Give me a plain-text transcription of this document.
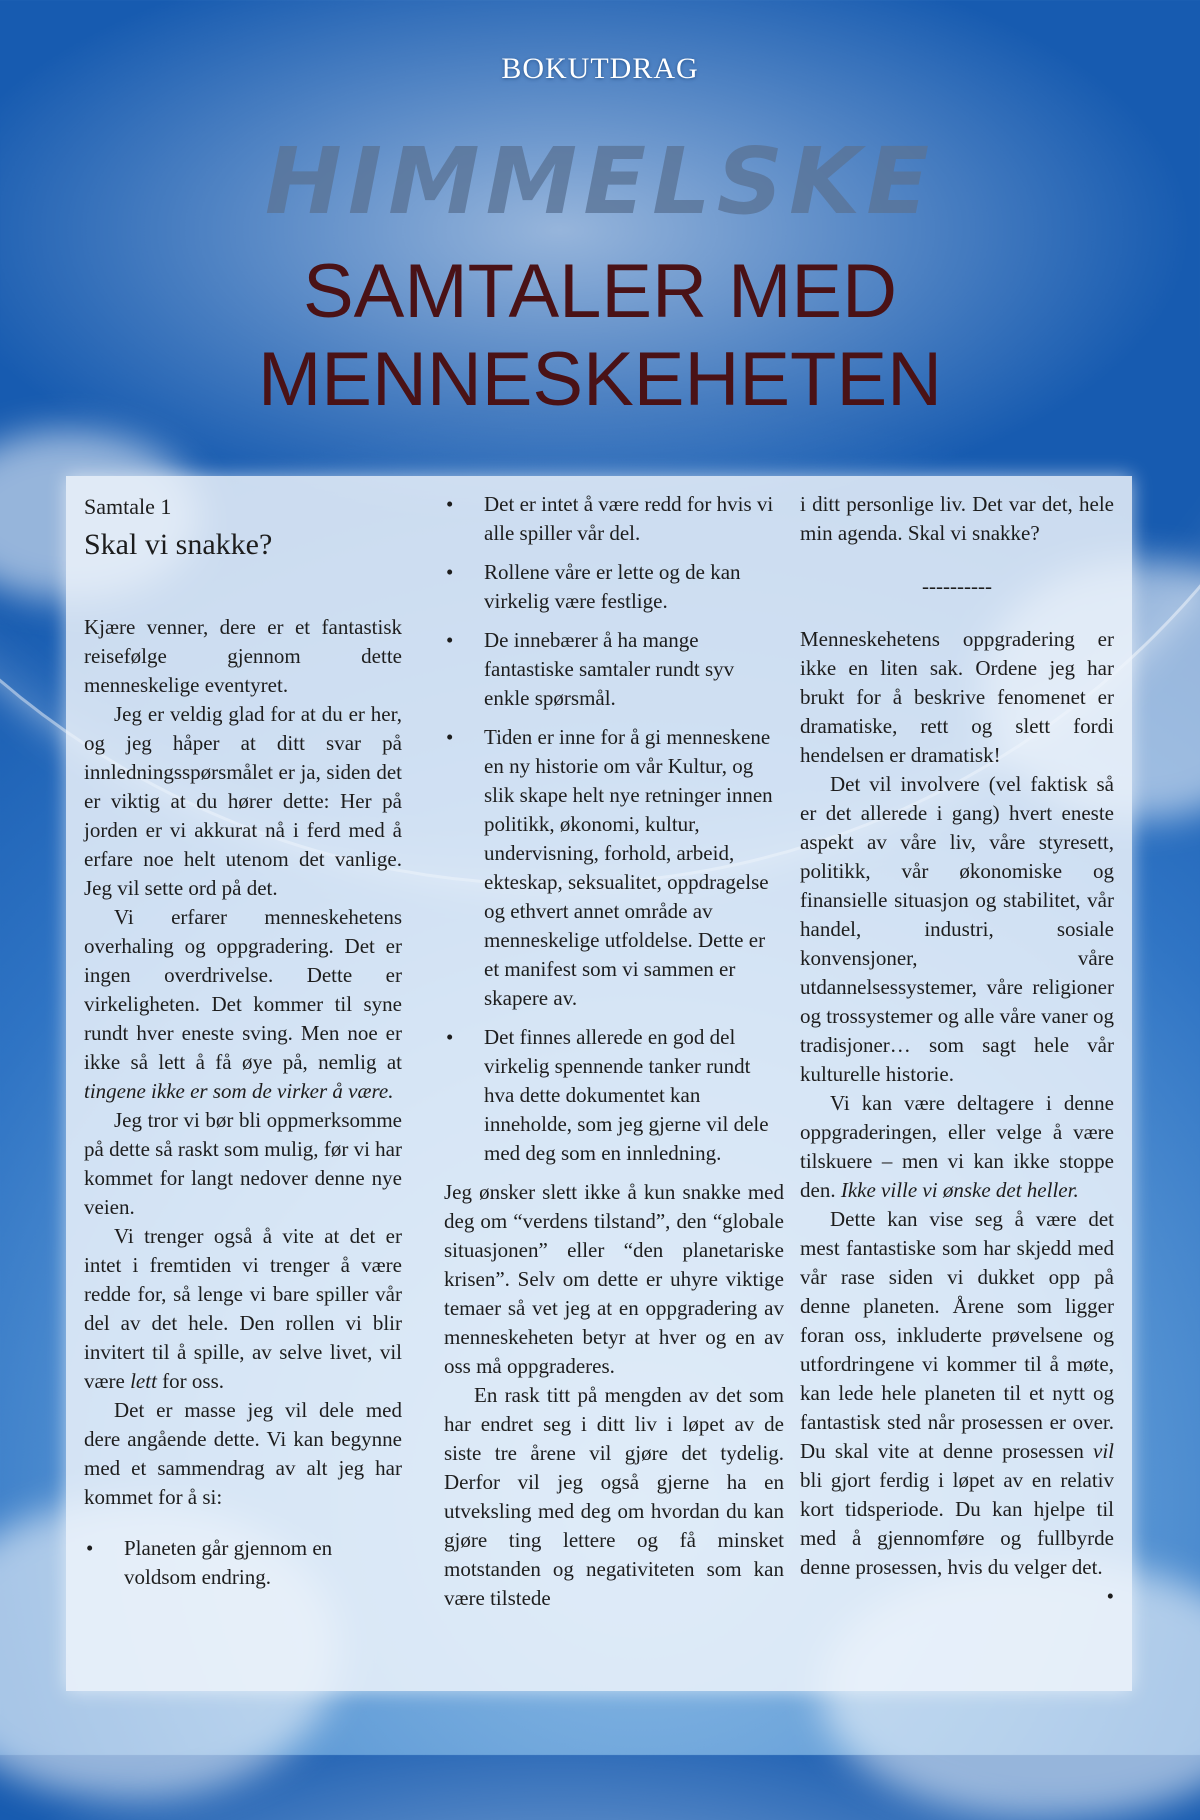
BOKUTDRAG
HIMMELSKE
SAMTALER MED
MENNESKEHETEN
Samtale 1
Skal vi snakke?

Kjære venner, dere er et fantastisk reisefølge gjennom dette menneskelige eventyret.

Jeg er veldig glad for at du er her, og jeg håper at ditt svar på innledningsspørsmålet er ja, siden det er viktig at du hører dette: Her på jorden er vi akkurat nå i ferd med å erfare noe helt utenom det vanlige. Jeg vil sette ord på det.

Vi erfarer menneskehetens overhaling og oppgradering. Det er ingen overdrivelse. Dette er virkeligheten. Det kommer til syne rundt hver eneste sving. Men noe er ikke så lett å få øye på, nemlig at tingene ikke er som de virker å være.

Jeg tror vi bør bli oppmerksomme på dette så raskt som mulig, før vi har kommet for langt nedover denne nye veien.

Vi trenger også å vite at det er intet i fremtiden vi trenger å være redde for, så lenge vi bare spiller vår del av det hele. Den rollen vi blir invitert til å spille, av selve livet, vil være lett for oss.

Det er masse jeg vil dele med dere angående dette. Vi kan begynne med et sammendrag av alt jeg har kommet for å si:

• Planeten går gjennom en voldsom endring.
• Det er intet å være redd for hvis vi alle spiller vår del.
• Rollene våre er lette og de kan virkelig være festlige.
• De innebærer å ha mange fantastiske samtaler rundt syv enkle spørsmål.
• Tiden er inne for å gi menneskene en ny historie om vår Kultur, og slik skape helt nye retninger innen politikk, økonomi, kultur, undervisning, forhold, arbeid, ekteskap, seksualitet, oppdragelse og ethvert annet område av menneskelige utfoldelse. Dette er et manifest som vi sammen er skapere av.
• Det finnes allerede en god del virkelig spennende tanker rundt hva dette dokumentet kan inneholde, som jeg gjerne vil dele med deg som en innledning.

Jeg ønsker slett ikke å kun snakke med deg om “verdens tilstand”, den “globale situasjonen” eller “den planetariske krisen”. Selv om dette er uhyre viktige temaer så vet jeg at en oppgradering av menneskeheten betyr at hver og en av oss må oppgraderes.

En rask titt på mengden av det som har endret seg i ditt liv i løpet av de siste tre årene vil gjøre det tydelig. Derfor vil jeg også gjerne ha en utveksling med deg om hvordan du kan gjøre ting lettere og få minsket motstanden og negativiteten som kan være tilstede

i ditt personlige liv. Det var det, hele min agenda. Skal vi snakke?

----------

Menneskehetens oppgradering er ikke en liten sak. Ordene jeg har brukt for å beskrive fenomenet er dramatiske, rett og slett fordi hendelsen er dramatisk!

Det vil involvere (vel faktisk så er det allerede i gang) hvert eneste aspekt av våre liv, våre styresett, politikk, vår økonomiske og finansielle situasjon og stabilitet, vår handel, industri, sosiale konvensjoner, våre utdannelsessystemer, våre religioner og trossystemer og alle våre vaner og tradisjoner… som sagt hele vår kulturelle historie.

Vi kan være deltagere i denne oppgraderingen, eller velge å være tilskuere – men vi kan ikke stoppe den. Ikke ville vi ønske det heller.

Dette kan vise seg å være det mest fantastiske som har skjedd med vår rase siden vi dukket opp på denne planeten. Årene som ligger foran oss, inkluderte prøvelsene og utfordringene vi kommer til å møte, kan lede hele planeten til et nytt og fantastisk sted når prosessen er over. Du skal vite at denne prosessen vil bli gjort ferdig i løpet av en relativ kort tidsperiode. Du kan hjelpe til med å gjennomføre og fullbyrde denne prosessen, hvis du velger det.

•
